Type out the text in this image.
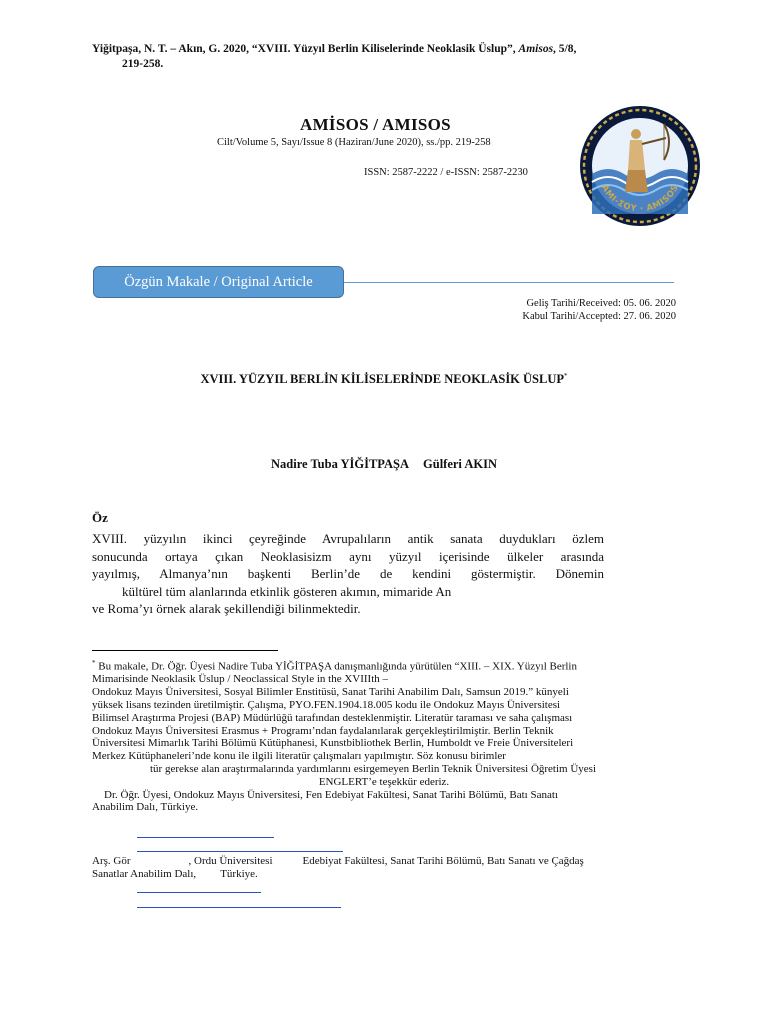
Yiğitpaşa, N. T. – Akın, G. 2020, “XVIII. Yüzyıl Berlin Kiliselerinde Neoklasik Üslup”, Amisos, 5/8,
219-258.
AMİSOS / AMISOS
Cilt/Volume 5, Sayı/Issue 8 (Haziran/June 2020), ss./pp. 219-258
ISSN: 2587-2222 / e-ISSN: 2587-2230
AMI-ΣΟΥ · AMISOS
Özgün Makale / Original Article
Geliş Tarihi/Received: 05. 06. 2020
Kabul Tarihi/Accepted: 27. 06. 2020
XVIII. YÜZYIL BERLİN KİLİSELERİNDE NEOKLASİK ÜSLUP*
Nadire Tuba YİĞİTPAŞA Gülferi AKIN
Öz

XVIII. yüzyılın ikinci çeyreğinde Avrupalıların antik sanata duydukları özlem

sonucunda ortaya çıkan Neoklasisizm aynı yüzyıl içerisinde ülkeler arasında

yayılmış, Almanya’nın başkenti Berlin’de de kendini göstermiştir. Dönemin

kültürel tüm alanlarında etkinlik gösteren akımın, mimaride An

ve Roma’yı örnek alarak şekillendiği bilinmektedir.

* Bu makale, Dr. Öğr. Üyesi Nadire Tuba YİĞİTPAŞA danışmanlığında yürütülen “XIII. – XIX. Yüzyıl Berlin

Mimarisinde Neoklasik Üslup / Neoclassical Style in the XVIIIth –

Ondokuz Mayıs Üniversitesi, Sosyal Bilimler Enstitüsü, Sanat Tarihi Anabilim Dalı, Samsun 2019.” künyeli

yüksek lisans tezinden üretilmiştir. Çalışma, PYO.FEN.1904.18.005 kodu ile Ondokuz Mayıs Üniversitesi

Bilimsel Araştırma Projesi (BAP) Müdürlüğü tarafından desteklenmiştir. Literatür taraması ve saha çalışması

Ondokuz Mayıs Üniversitesi Erasmus + Programı’ndan faydalanılarak gerçekleştirilmiştir. Berlin Teknik

Üniversitesi Mimarlık Tarihi Bölümü Kütüphanesi, Kunstbibliothek Berlin, Humboldt ve Freie Üniversiteleri

Merkez Kütüphaneleri’nde konu ile ilgili literatür çalışmaları yapılmıştır. Söz konusu birimler

tür gerekse alan araştırmalarında yardımlarını esirgemeyen Berlin Teknik Üniversitesi Öğretim Üyesi

ENGLERT’e teşekkür ederiz.

Dr. Öğr. Üyesi, Ondokuz Mayıs Üniversitesi, Fen Edebiyat Fakültesi, Sanat Tarihi Bölümü, Batı Sanatı

Anabilim Dalı, Türkiye.

Arş. Gör	, Ordu Üniversitesi	Edebiyat Fakültesi, Sanat Tarihi Bölümü, Batı Sanatı ve Çağdaş

Sanatlar Anabilim Dalı, Türkiye.
